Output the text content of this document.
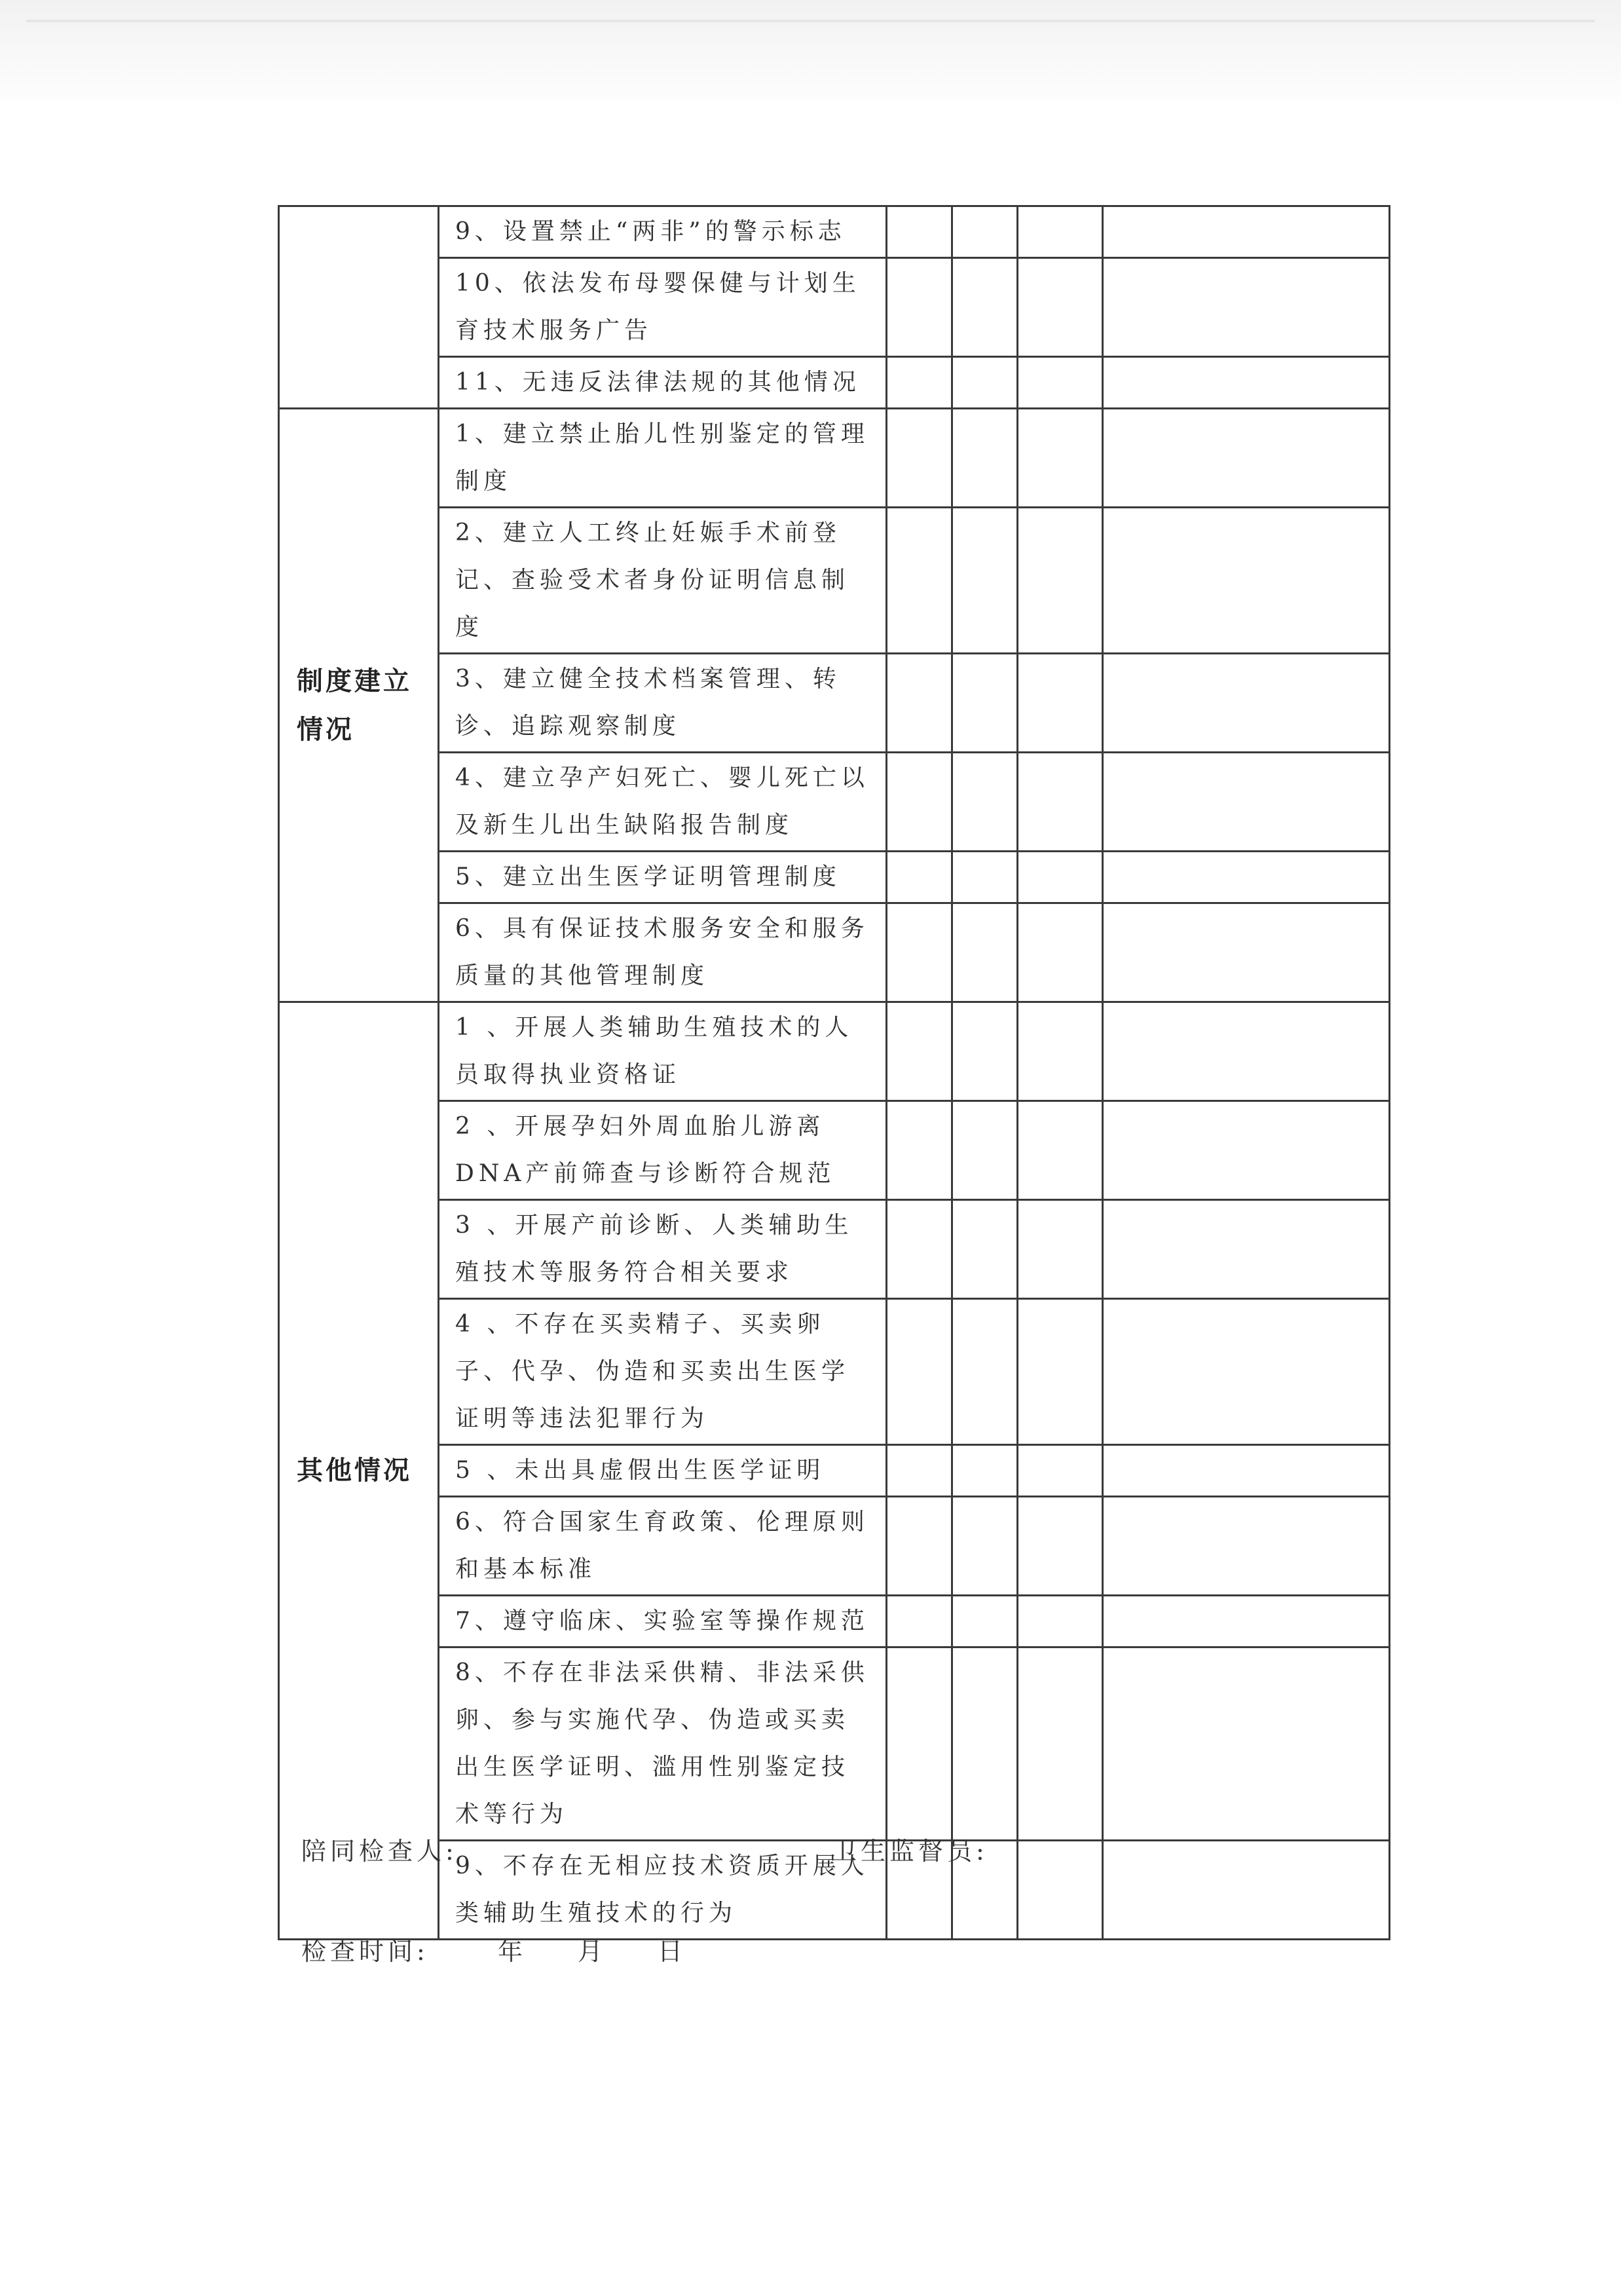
	9、设置禁止“两非”的警示标志				
	10、依法发布母婴保健与计划生育技术服务广告				
	11、无违反法律法规的其他情况				

制度建立情况	1、建立禁止胎儿性别鉴定的管理制度				
	2、建立人工终止妊娠手术前登记、查验受术者身份证明信息制度				
	3、建立健全技术档案管理、转诊、追踪观察制度				
	4、建立孕产妇死亡、婴儿死亡以及新生儿出生缺陷报告制度				
	5、建立出生医学证明管理制度				
	6、具有保证技术服务安全和服务质量的其他管理制度				

其他情况	1 、开展人类辅助生殖技术的人员取得执业资格证				
	2 、开展孕妇外周血胎儿游离DNA产前筛查与诊断符合规范				
	3 、开展产前诊断、人类辅助生殖技术等服务符合相关要求				
	4 、不存在买卖精子、买卖卵子、代孕、伪造和买卖出生医学证明等违法犯罪行为				
	5 、未出具虚假出生医学证明				
	6、符合国家生育政策、伦理原则和基本标准				
	7、遵守临床、实验室等操作规范				
	8、不存在非法采供精、非法采供卵、参与实施代孕、伪造或买卖出生医学证明、滥用性别鉴定技术等行为				
	9、不存在无相应技术资质开展人类辅助生殖技术的行为				
陪同检查人:	卫生监督员:
检查时间:	年 月 日
